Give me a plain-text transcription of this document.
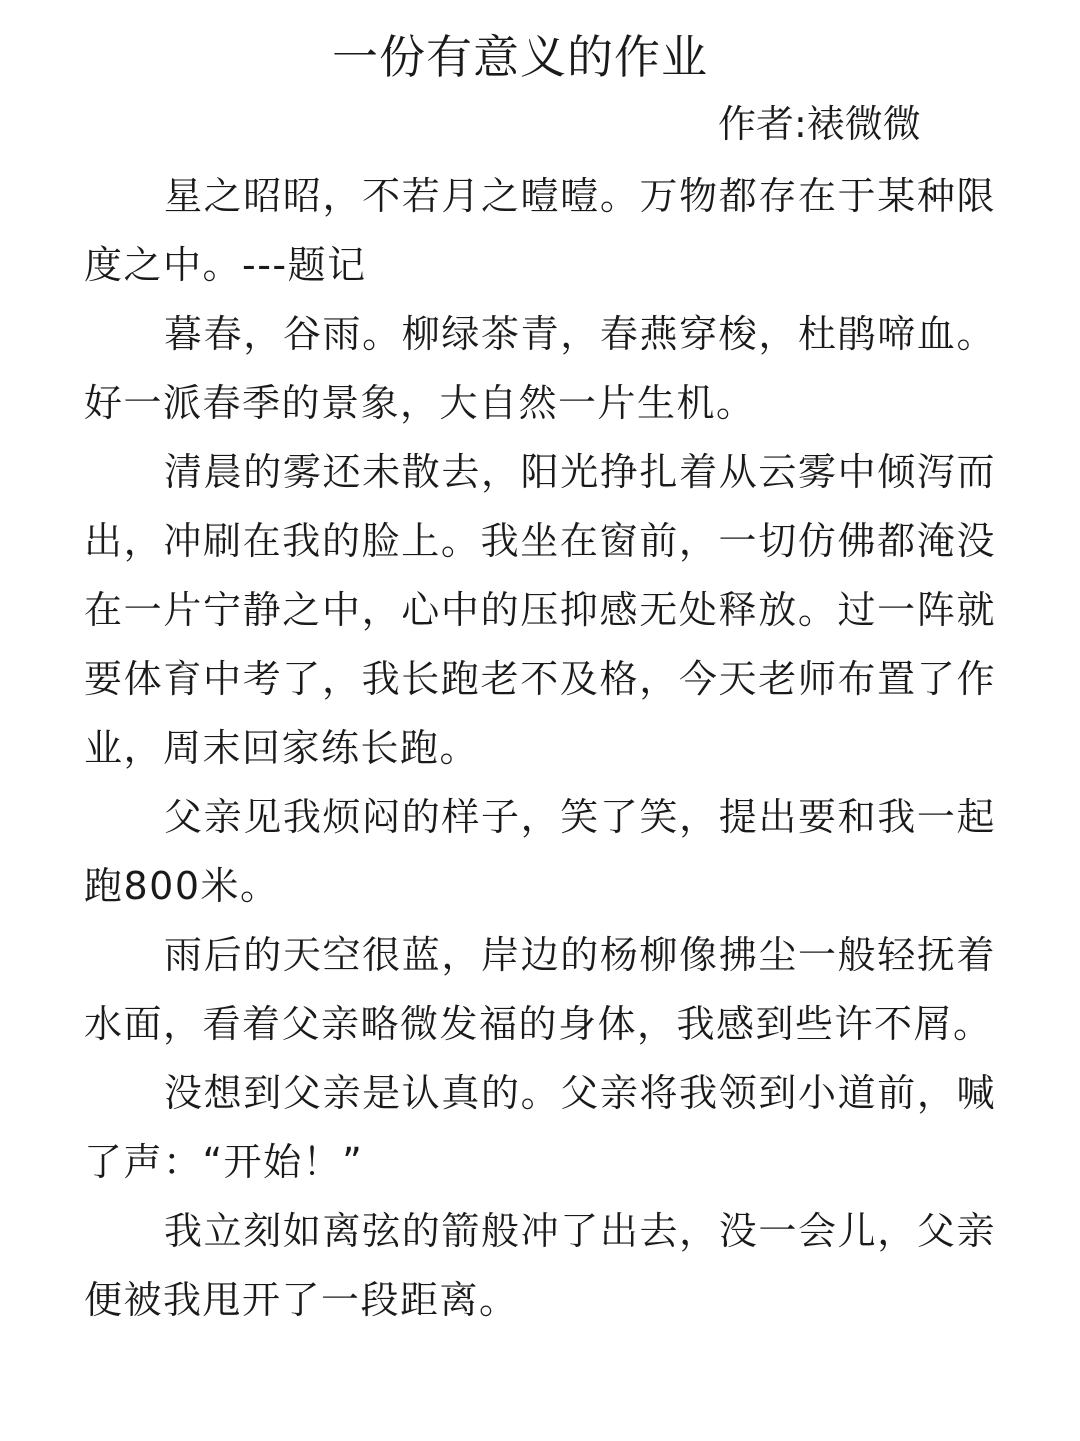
一份有意义的作业
作者:裱微微

星之昭昭，不若月之曀曀。万物都存在于某种限度之中。---题记

暮春，谷雨。柳绿茶青，春燕穿梭，杜鹃啼血。好一派春季的景象，大自然一片生机。

清晨的雾还未散去，阳光挣扎着从云雾中倾泻而出，冲刷在我的脸上。我坐在窗前，一切仿佛都淹没在一片宁静之中，心中的压抑感无处释放。过一阵就要体育中考了，我长跑老不及格，今天老师布置了作业，周末回家练长跑。

父亲见我烦闷的样子，笑了笑，提出要和我一起跑800米。

雨后的天空很蓝，岸边的杨柳像拂尘一般轻抚着水面，看着父亲略微发福的身体，我感到些许不屑。

没想到父亲是认真的。父亲将我领到小道前，喊了声：“开始！”

我立刻如离弦的箭般冲了出去，没一会儿，父亲便被我甩开了一段距离。
